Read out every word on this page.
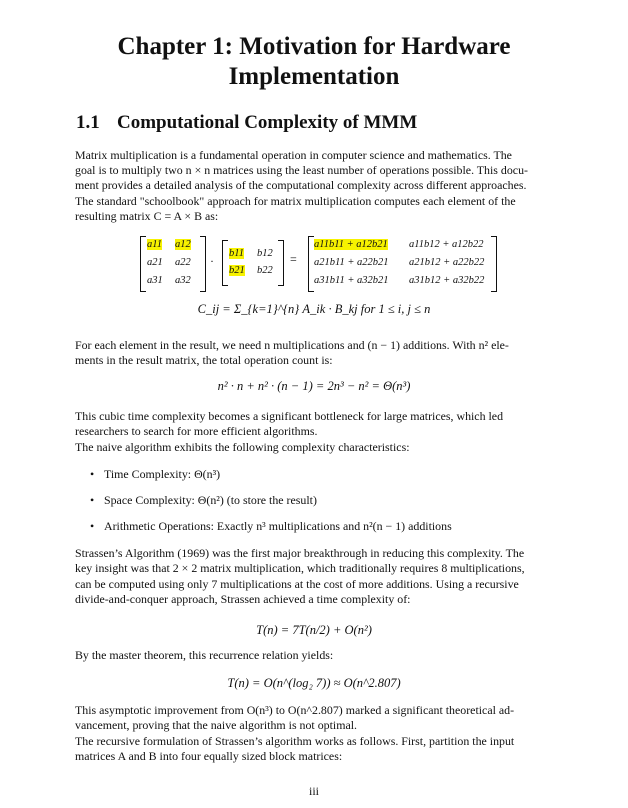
Chapter 1: Motivation for Hardware
Implementation
1.1 Computational Complexity of MMM

Matrix multiplication is a fundamental operation in computer science and mathematics. The

goal is to multiply two n × n matrices using the least number of operations possible. This docu-

ment provides a detailed analysis of the computational complexity across different approaches.

The standard "schoolbook" approach for matrix multiplication computes each element of the

resulting matrix C = A × B as:

a11 a12
a21 a22
a31 a32
·
b11 b12
b21 b22
=
a11b11 + a12b21 a11b12 + a12b22
a21b11 + a22b21 a21b12 + a22b22
a31b11 + a32b21 a31b12 + a32b22
C_ij = Σ_{k=1}^{n} A_ik · B_kj for 1 ≤ i, j ≤ n

For each element in the result, we need n multiplications and (n − 1) additions. With n² ele-

ments in the result matrix, the total operation count is:

n² · n + n² · (n − 1) = 2n³ − n² = Θ(n³)

This cubic time complexity becomes a significant bottleneck for large matrices, which led

researchers to search for more efficient algorithms.

The naive algorithm exhibits the following complexity characteristics:

• Time Complexity: Θ(n³)
• Space Complexity: Θ(n²) (to store the result)
• Arithmetic Operations: Exactly n³ multiplications and n²(n − 1) additions

Strassen’s Algorithm (1969) was the first major breakthrough in reducing this complexity. The

key insight was that 2 × 2 matrix multiplication, which traditionally requires 8 multiplications,

can be computed using only 7 multiplications at the cost of more additions. Using a recursive

divide-and-conquer approach, Strassen achieved a time complexity of:

T(n) = 7T(n/2) + O(n²)

By the master theorem, this recurrence relation yields:

T(n) = O(n^(log₂ 7)) ≈ O(n^2.807)

This asymptotic improvement from O(n³) to O(n^2.807) marked a significant theoretical ad-

vancement, proving that the naive algorithm is not optimal.

The recursive formulation of Strassen’s algorithm works as follows. First, partition the input

matrices A and B into four equally sized block matrices:

iii
